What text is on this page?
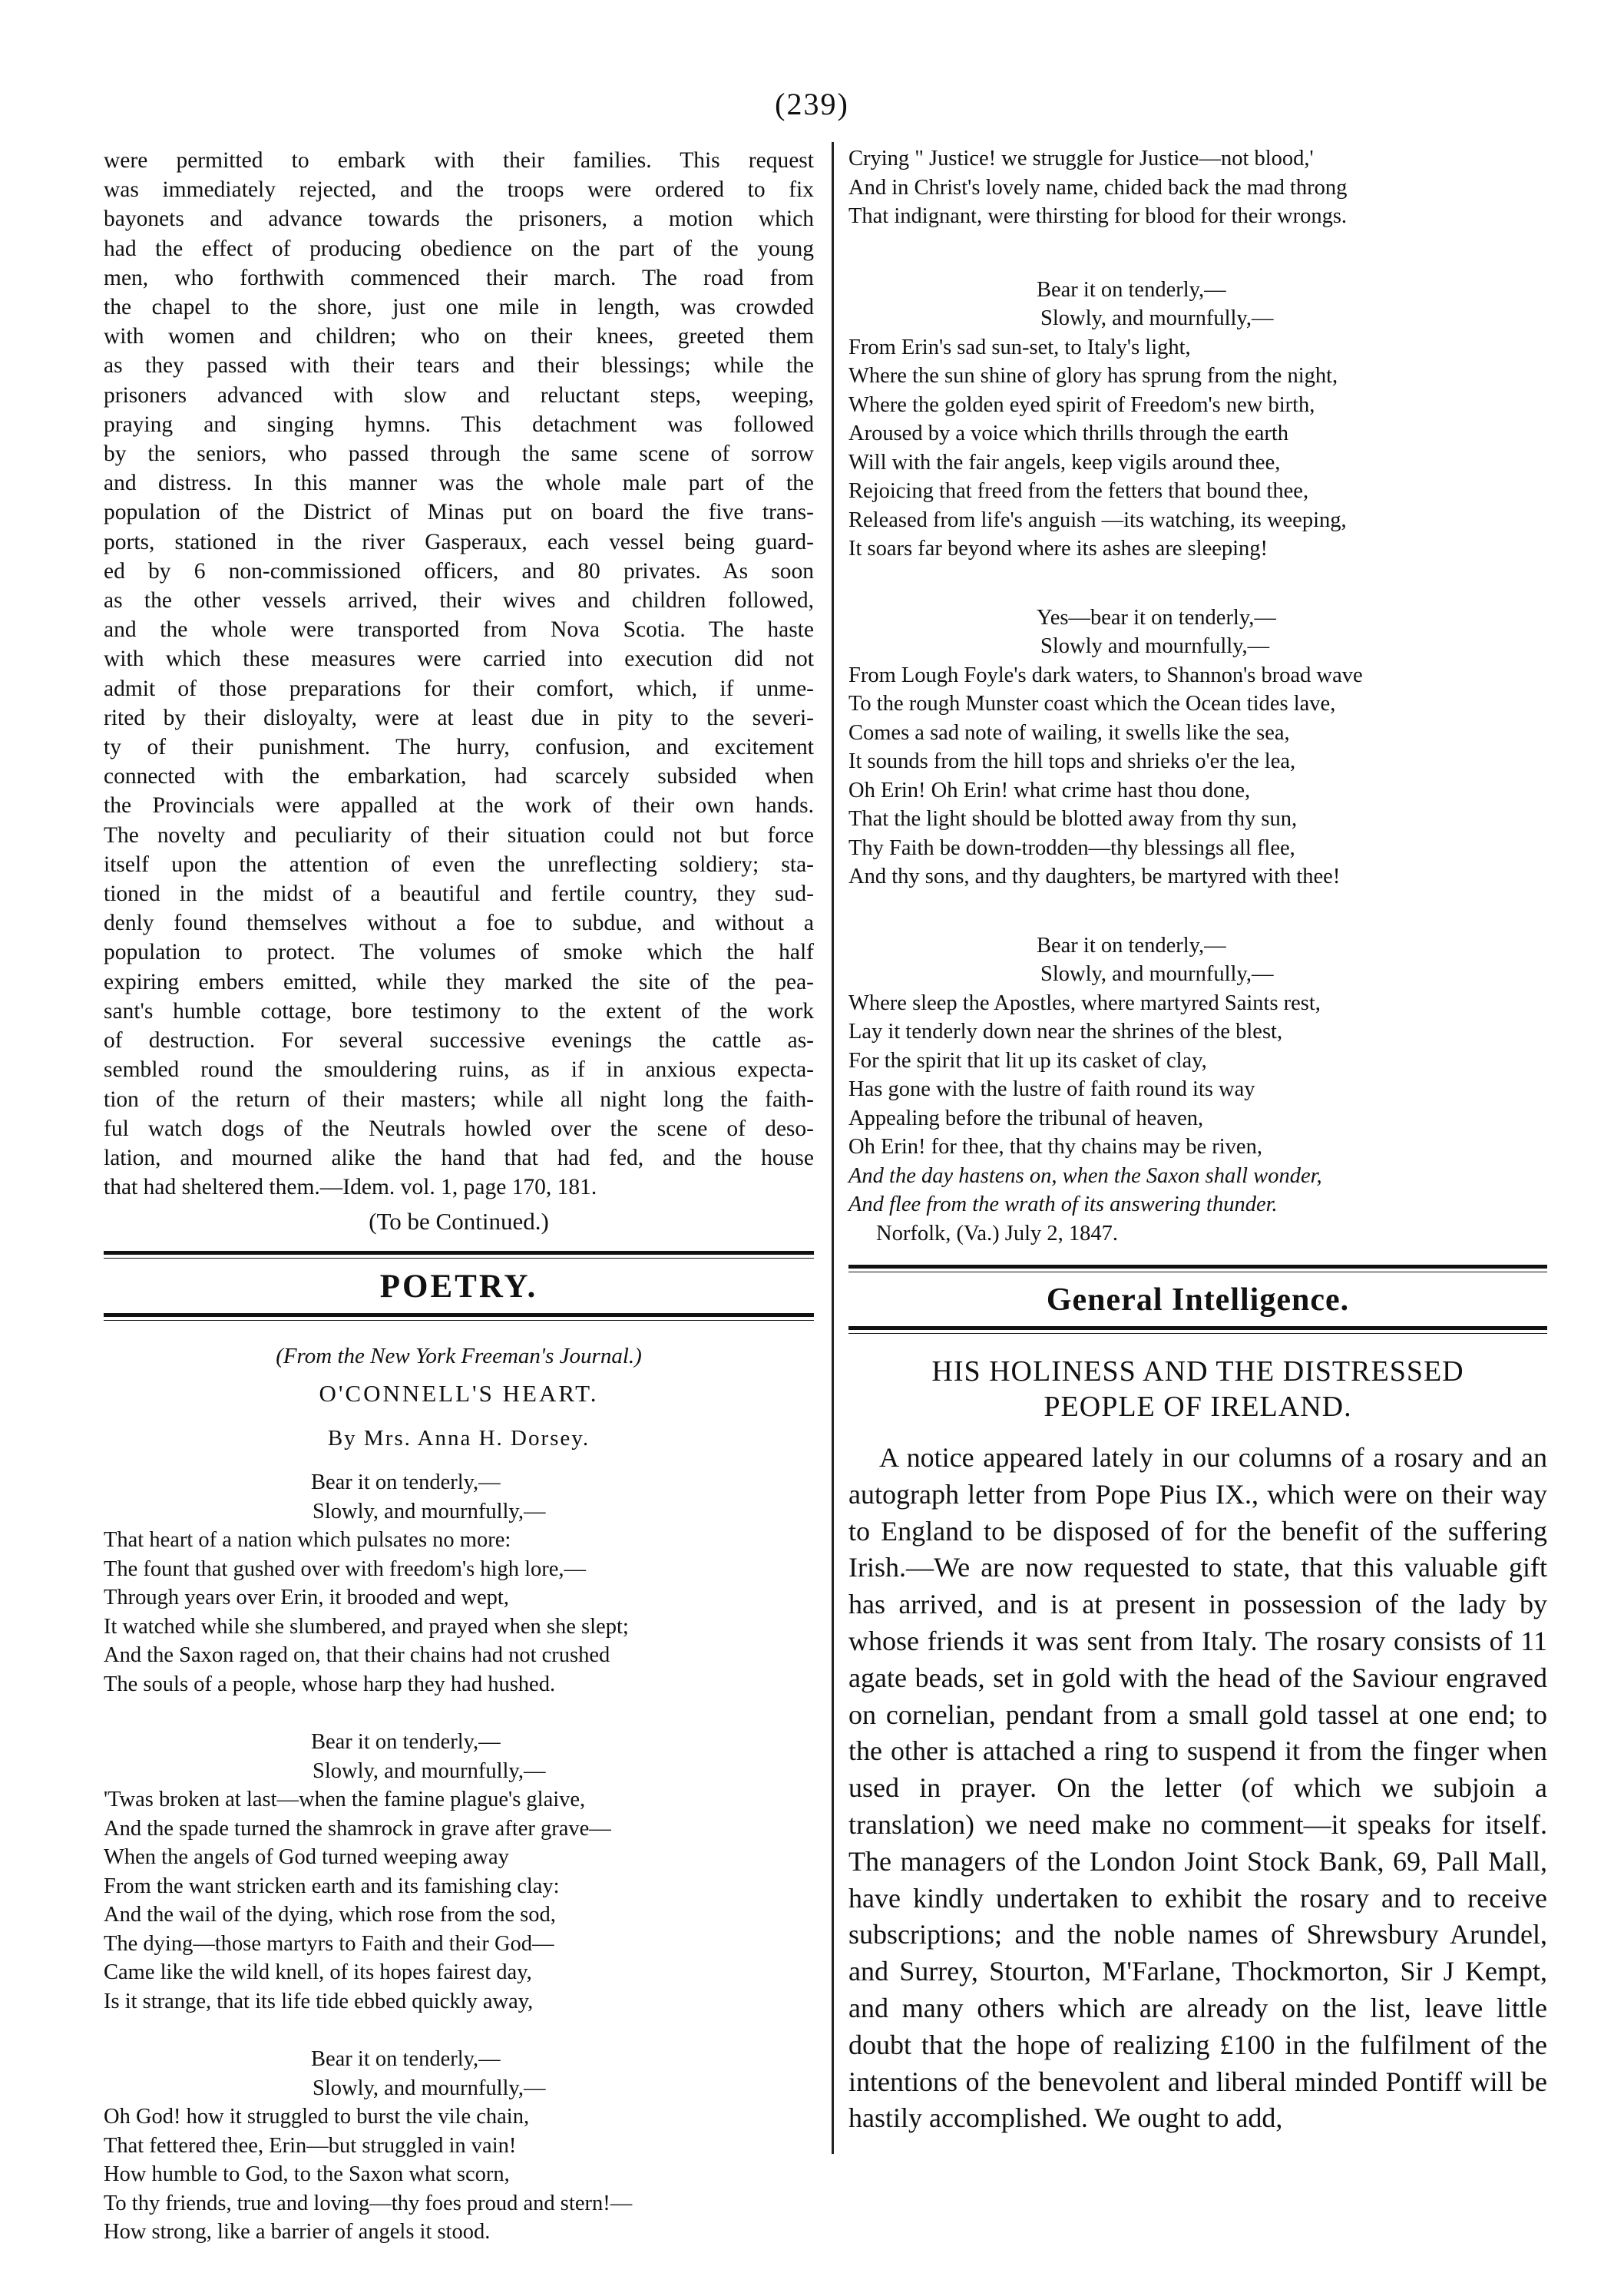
(239)
were permitted to embark with their families. This request
was immediately rejected, and the troops were ordered to fix
bayonets and advance towards the prisoners, a motion which
had the effect of producing obedience on the part of the young
men, who forthwith commenced their march. The road from
the chapel to the shore, just one mile in length, was crowded
with women and children; who on their knees, greeted them
as they passed with their tears and their blessings; while the
prisoners advanced with slow and reluctant steps, weeping,
praying and singing hymns. This detachment was followed
by the seniors, who passed through the same scene of sorrow
and distress. In this manner was the whole male part of the
population of the District of Minas put on board the five trans-
ports, stationed in the river Gasperaux, each vessel being guard-
ed by 6 non-commissioned officers, and 80 privates. As soon
as the other vessels arrived, their wives and children followed,
and the whole were transported from Nova Scotia. The haste
with which these measures were carried into execution did not
admit of those preparations for their comfort, which, if unme-
rited by their disloyalty, were at least due in pity to the severi-
ty of their punishment. The hurry, confusion, and excitement
connected with the embarkation, had scarcely subsided when
the Provincials were appalled at the work of their own hands.
The novelty and peculiarity of their situation could not but force
itself upon the attention of even the unreflecting soldiery; sta-
tioned in the midst of a beautiful and fertile country, they sud-
denly found themselves without a foe to subdue, and without a
population to protect. The volumes of smoke which the half
expiring embers emitted, while they marked the site of the pea-
sant's humble cottage, bore testimony to the extent of the work
of destruction. For several successive evenings the cattle as-
sembled round the smouldering ruins, as if in anxious expecta-
tion of the return of their masters; while all night long the faith-
ful watch dogs of the Neutrals howled over the scene of deso-
lation, and mourned alike the hand that had fed, and the house
that had sheltered them.—Idem. vol. 1, page 170, 181.
(To be Continued.)
POETRY.
(From the New York Freeman's Journal.)
O'CONNELL'S HEART.
By Mrs. Anna H. Dorsey.
Bear it on tenderly,—
Slowly, and mournfully,—
That heart of a nation which pulsates no more:
The fount that gushed over with freedom's high lore,—
Through years over Erin, it brooded and wept,
It watched while she slumbered, and prayed when she slept;
And the Saxon raged on, that their chains had not crushed
The souls of a people, whose harp they had hushed.
Bear it on tenderly,—
Slowly, and mournfully,—
'Twas broken at last—when the famine plague's glaive,
And the spade turned the shamrock in grave after grave—
When the angels of God turned weeping away
From the want stricken earth and its famishing clay:
And the wail of the dying, which rose from the sod,
The dying—those martyrs to Faith and their God—
Came like the wild knell, of its hopes fairest day,
Is it strange, that its life tide ebbed quickly away,
Bear it on tenderly,—
Slowly, and mournfully,—
Oh God! how it struggled to burst the vile chain,
That fettered thee, Erin—but struggled in vain!
How humble to God, to the Saxon what scorn,
To thy friends, true and loving—thy foes proud and stern!—
How strong, like a barrier of angels it stood.
Crying " Justice! we struggle for Justice—not blood,'
And in Christ's lovely name, chided back the mad throng
That indignant, were thirsting for blood for their wrongs.
Bear it on tenderly,—
Slowly, and mournfully,—
From Erin's sad sun-set, to Italy's light,
Where the sun shine of glory has sprung from the night,
Where the golden eyed spirit of Freedom's new birth,
Aroused by a voice which thrills through the earth
Will with the fair angels, keep vigils around thee,
Rejoicing that freed from the fetters that bound thee,
Released from life's anguish —its watching, its weeping,
It soars far beyond where its ashes are sleeping!
Yes—bear it on tenderly,—
Slowly and mournfully,—
From Lough Foyle's dark waters, to Shannon's broad wave
To the rough Munster coast which the Ocean tides lave,
Comes a sad note of wailing, it swells like the sea,
It sounds from the hill tops and shrieks o'er the lea,
Oh Erin! Oh Erin! what crime hast thou done,
That the light should be blotted away from thy sun,
Thy Faith be down-trodden—thy blessings all flee,
And thy sons, and thy daughters, be martyred with thee!
Bear it on tenderly,—
Slowly, and mournfully,—
Where sleep the Apostles, where martyred Saints rest,
Lay it tenderly down near the shrines of the blest,
For the spirit that lit up its casket of clay,
Has gone with the lustre of faith round its way
Appealing before the tribunal of heaven,
Oh Erin! for thee, that thy chains may be riven,
And the day hastens on, when the Saxon shall wonder,
And flee from the wrath of its answering thunder.
Norfolk, (Va.) July 2, 1847.
General Intelligence.
HIS HOLINESS AND THE DISTRESSED
PEOPLE OF IRELAND.

A notice appeared lately in our columns of a rosary and an autograph letter from Pope Pius IX., which were on their way to England to be disposed of for the benefit of the suffering Irish.—We are now requested to state, that this valuable gift has arrived, and is at present in possession of the lady by whose friends it was sent from Italy. The rosary consists of 11 agate beads, set in gold with the head of the Saviour engraved on cornelian, pendant from a small gold tassel at one end; to the other is attached a ring to suspend it from the finger when used in prayer. On the letter (of which we subjoin a translation) we need make no comment—it speaks for itself. The managers of the London Joint Stock Bank, 69, Pall Mall, have kindly undertaken to exhibit the rosary and to receive subscriptions; and the noble names of Shrewsbury Arundel, and Surrey, Stourton, M'Farlane, Thockmorton, Sir J Kempt, and many others which are already on the list, leave little doubt that the hope of realizing £100 in the fulfilment of the intentions of the benevolent and liberal minded Pontiff will be hastily accomplished. We ought to add,
